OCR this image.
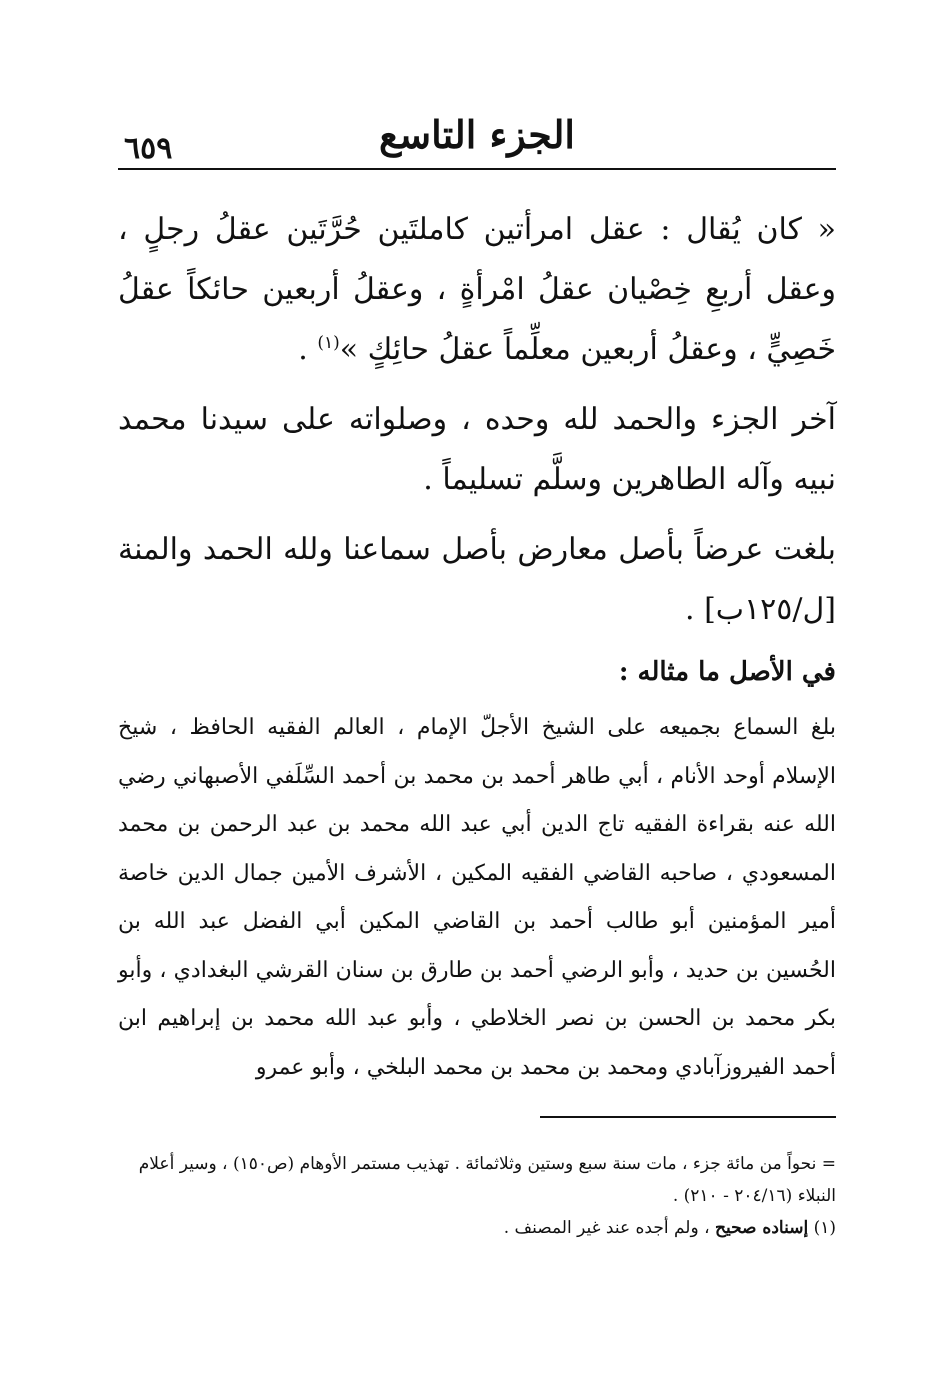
٦٥٩	الجزء التاسع

« كان يُقال : عقل امرأتين كاملتَين حُرَّتَين عقلُ رجلٍ ، وعقل أربعِ خِصْيان عقلُ امْرأةٍ ، وعقلُ أربعين حائكاً عقلُ خَصِيٍّ ، وعقلُ أربعين معلِّماً عقلُ حائِكٍ »$^{(١)}$ .

آخر الجزء والحمد لله وحده ، وصلواته على سيدنا محمد نبيه وآله الطاهرين وسلَّم تسليماً .

بلغت عرضاً بأصل معارض بأصل سماعنا ولله الحمد والمنة [ل/١٢٥ب] .

في الأصل ما مثاله :

بلغ السماع بجميعه على الشيخ الأجلّ الإمام ، العالم الفقيه الحافظ ، شيخ الإسلام أوحد الأنام ، أبي طاهر أحمد بن محمد بن أحمد السِّلَفي الأصبهاني رضي الله عنه بقراءة الفقيه تاج الدين أبي عبد الله محمد بن عبد الرحمن بن محمد المسعودي ، صاحبه القاضي الفقيه المكين ، الأشرف الأمين جمال الدين خاصة أمير المؤمنين أبو طالب أحمد بن القاضي المكين أبي الفضل عبد الله بن الحُسين بن حديد ، وأبو الرضي أحمد بن طارق بن سنان القرشي البغدادي ، وأبو بكر محمد بن الحسن بن نصر الخلاطي ، وأبو عبد الله محمد بن إبراهيم ابن أحمد الفيروزآبادي ومحمد بن محمد بن محمد البلخي ، وأبو عمرو

= نحواً من مائة جزء ، مات سنة سبع وستين وثلاثمائة . تهذيب مستمر الأوهام (ص١٥٠) ، وسير أعلام النبلاء (٢٠٤/١٦ - ٢١٠) .

(١) إسناده صحيح ، ولم أجده عند غير المصنف .
